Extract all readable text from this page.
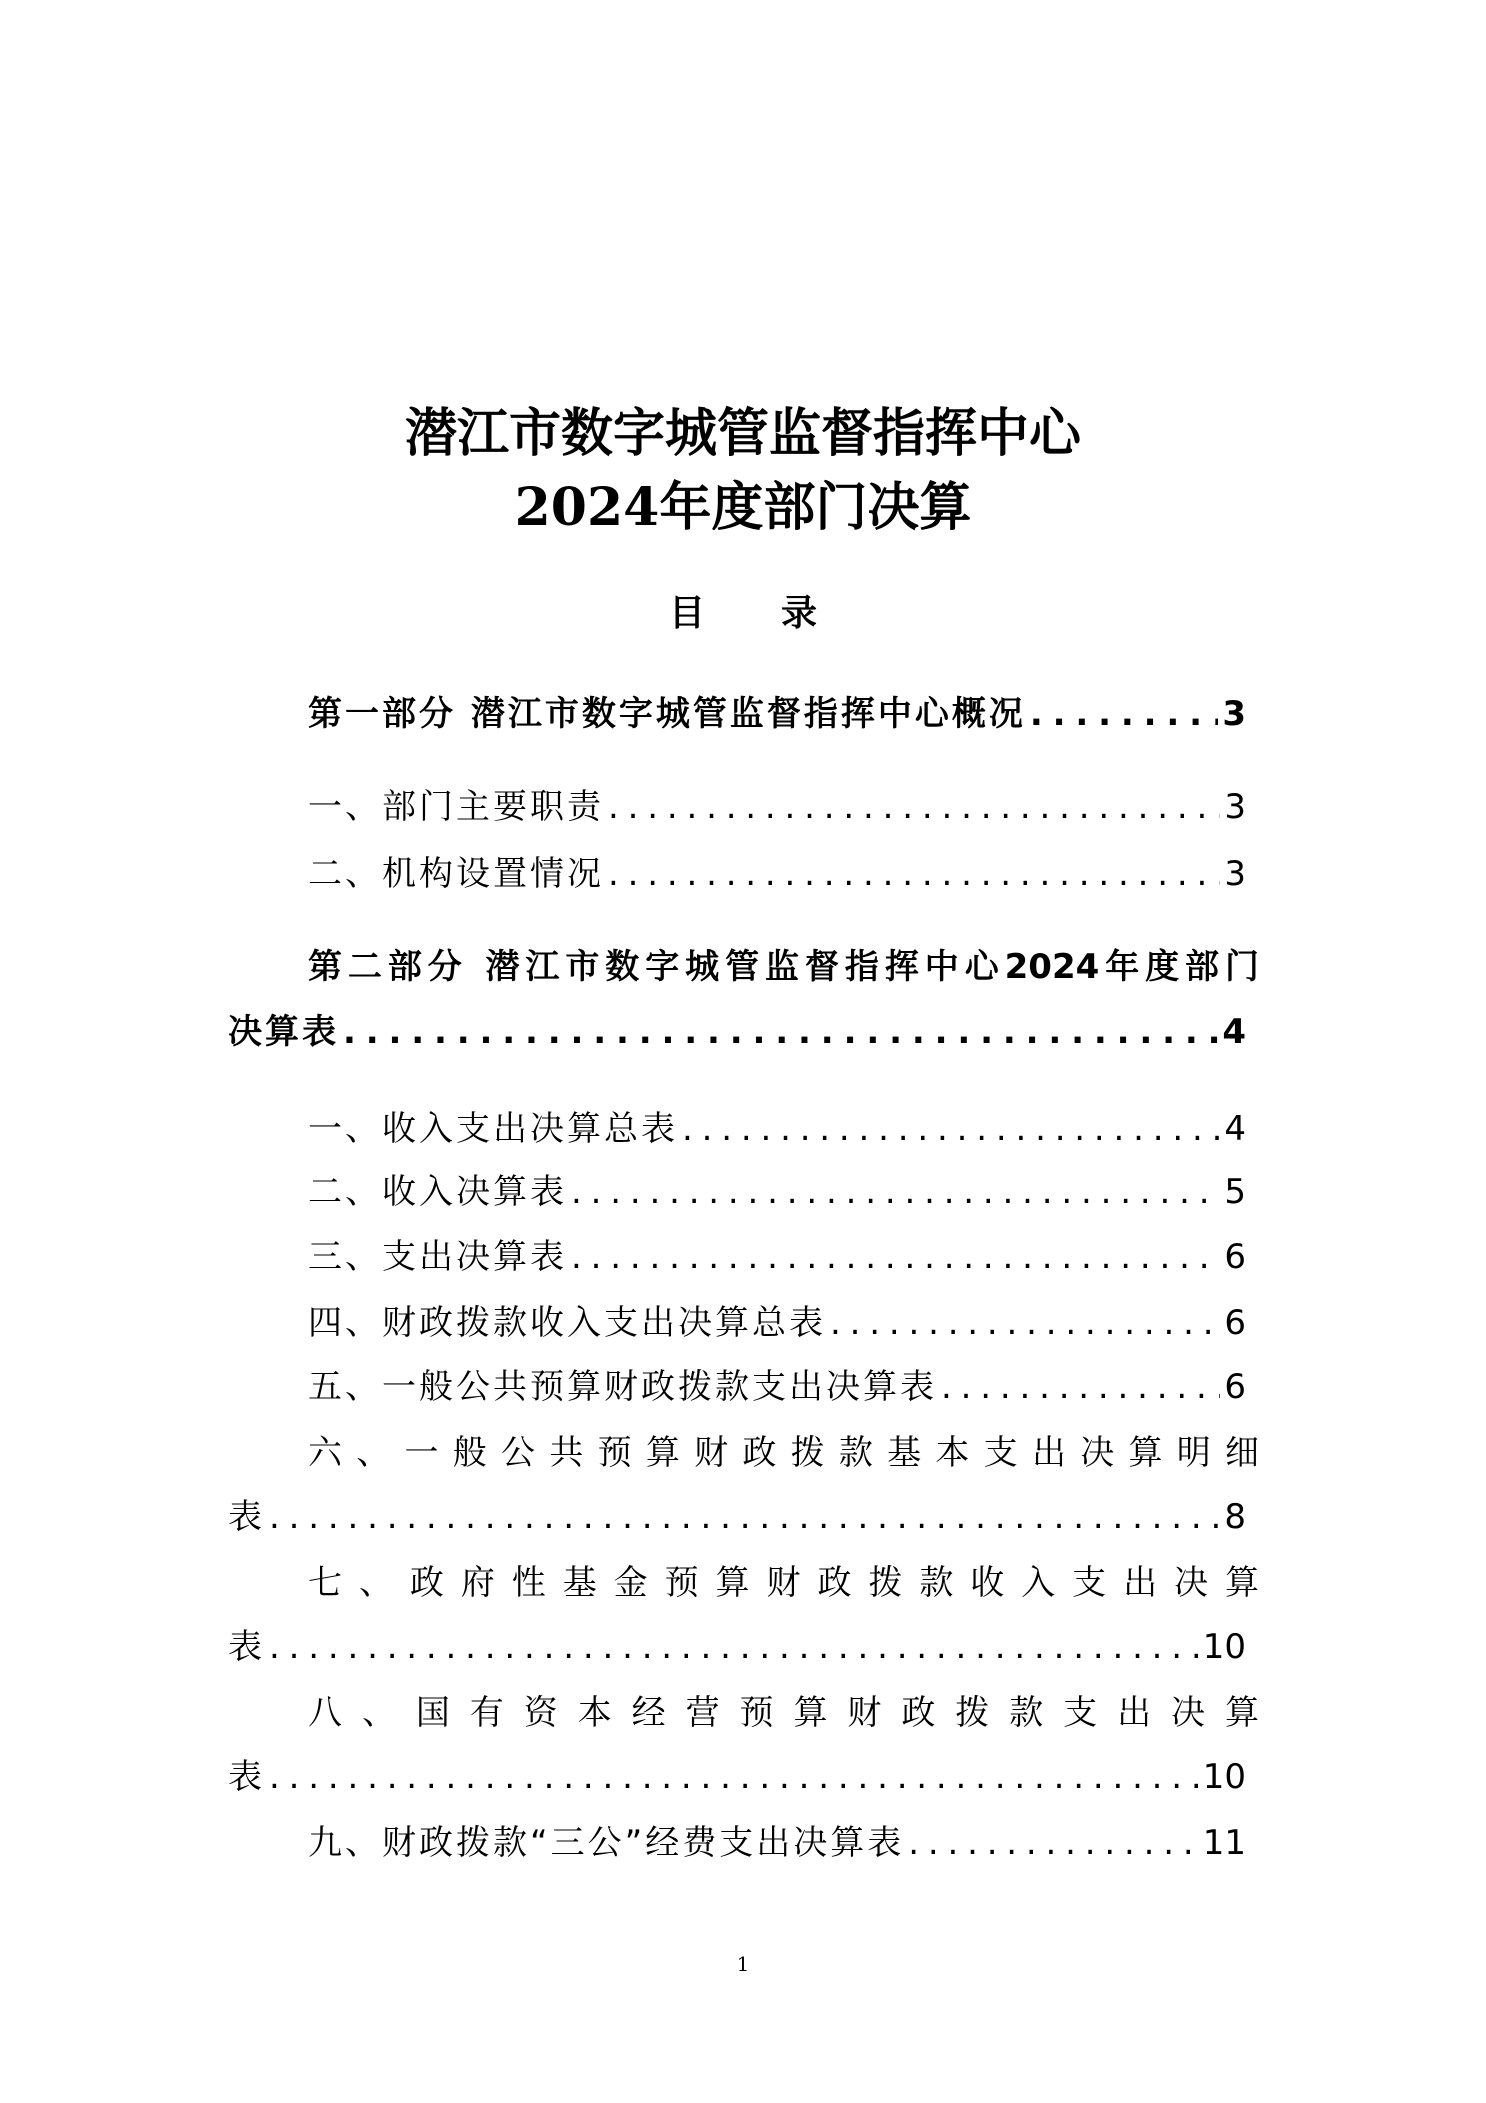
潜江市数字城管监督指挥中心
2024年度部门决算
目 录
第一部分 潜江市数字城管监督指挥中心概况 . . .	3
一、部门主要职责 . . .	3
二、机构设置情况 . . .	3
第二部分 潜江市数字城管监督指挥中心2024年度部门
决算表 . . .	4
一、收入支出决算总表 . . .	4
二、收入决算表 . . .	5
三、支出决算表 . . .	6
四、财政拨款收入支出决算总表 . . .	6
五、一般公共预算财政拨款支出决算表 . . .	6
六、一般公共预算财政拨款基本支出决算明细
表 . . .	8
七、政府性基金预算财政拨款收入支出决算
表 . . .	10
八、国有资本经营预算财政拨款支出决算
表 . . .	10
九、财政拨款“三公”经费支出决算表 . . .	11
1
